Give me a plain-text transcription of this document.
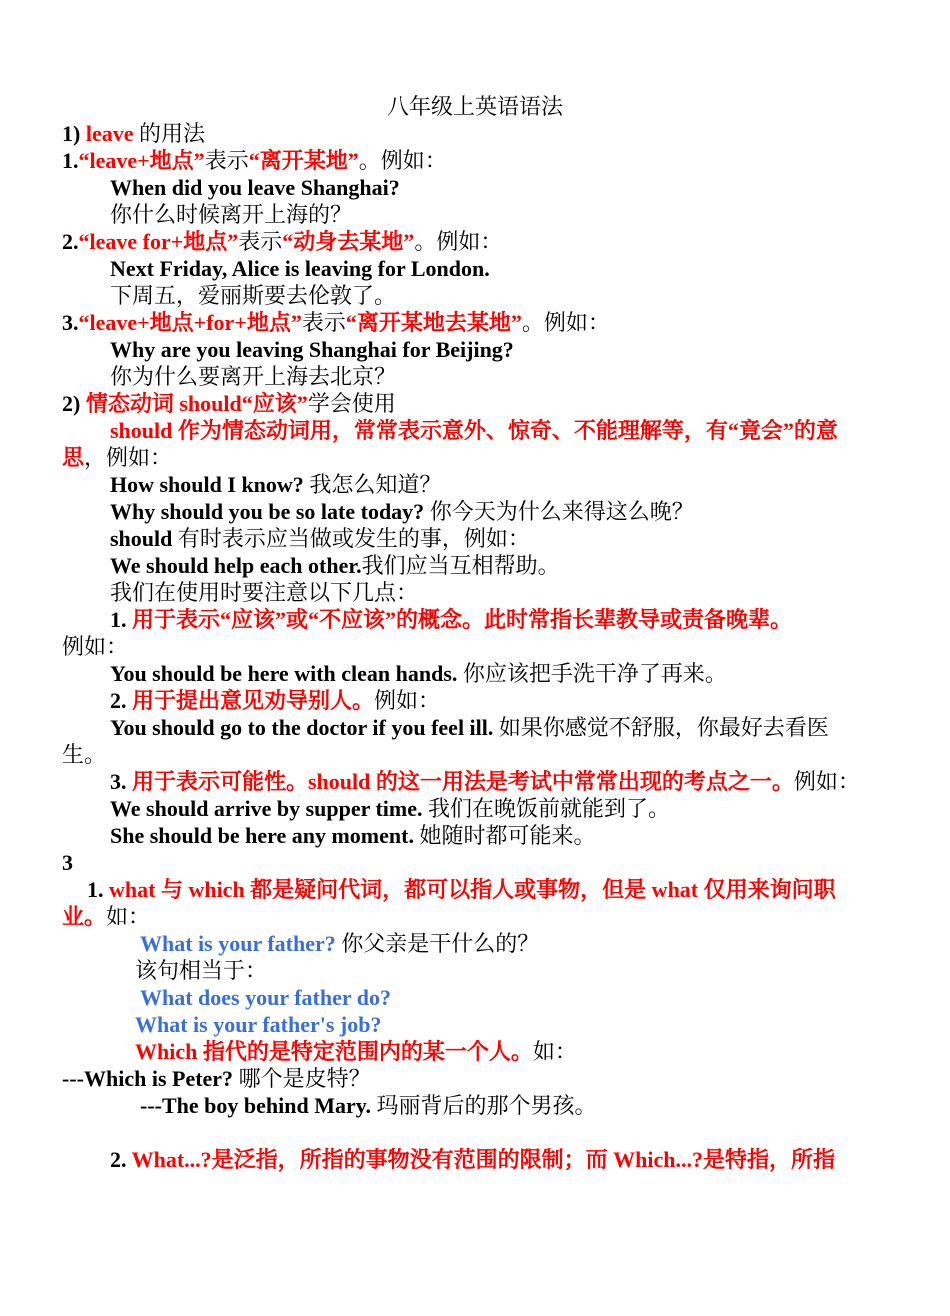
八年级上英语语法
1) leave 的用法
1.“leave+地点”表示“离开某地”。例如：
When did you leave Shanghai?
你什么时候离开上海的？
2.“leave for+地点”表示“动身去某地”。例如：
Next Friday, Alice is leaving for London.
下周五，爱丽斯要去伦敦了。
3.“leave+地点+for+地点”表示“离开某地去某地”。例如：
Why are you leaving Shanghai for Beijing?
你为什么要离开上海去北京？
2) 情态动词 should“应该”学会使用
should 作为情态动词用，常常表示意外、惊奇、不能理解等，有“竟会”的意
思，例如：
How should I know? 我怎么知道？
Why should you be so late today? 你今天为什么来得这么晚？
should 有时表示应当做或发生的事，例如：
We should help each other.我们应当互相帮助。
我们在使用时要注意以下几点：
1. 用于表示“应该”或“不应该”的概念。此时常指长辈教导或责备晚辈。
例如：
You should be here with clean hands. 你应该把手洗干净了再来。
2. 用于提出意见劝导别人。例如：
You should go to the doctor if you feel ill. 如果你感觉不舒服，你最好去看医
生。
3. 用于表示可能性。should 的这一用法是考试中常常出现的考点之一。例如：
We should arrive by supper time. 我们在晚饭前就能到了。
She should be here any moment. 她随时都可能来。
3
1. what 与 which 都是疑问代词，都可以指人或事物，但是 what 仅用来询问职
业。如：
What is your father? 你父亲是干什么的？
该句相当于：
What does your father do?
What is your father's job?
Which 指代的是特定范围内的某一个人。如：
---Which is Peter? 哪个是皮特？
---The boy behind Mary. 玛丽背后的那个男孩。
2. What...?是泛指，所指的事物没有范围的限制；而 Which...?是特指，所指
